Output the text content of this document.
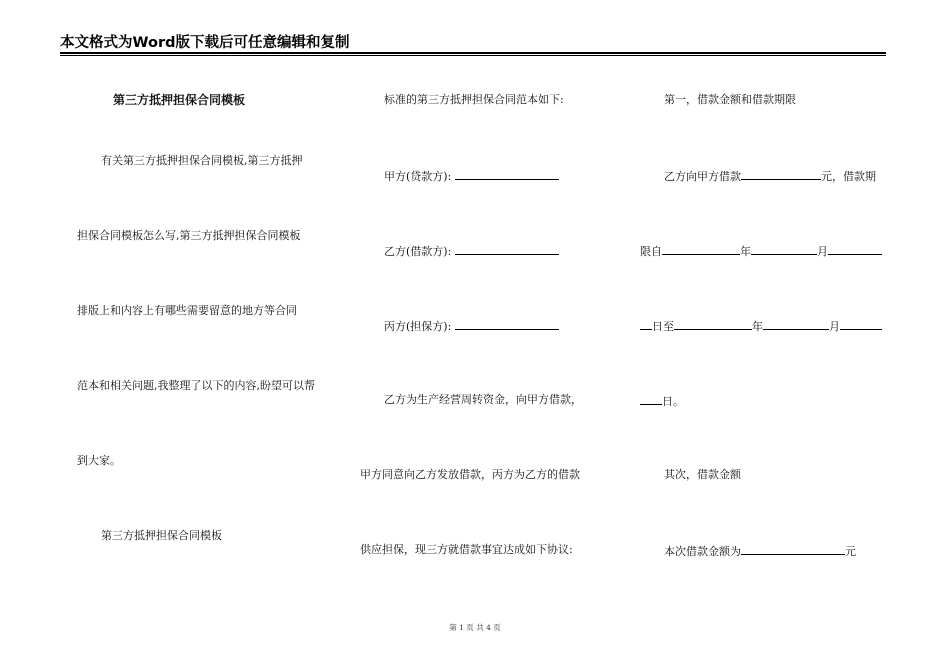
本文格式为Word版下载后可任意编辑和复制
第三方抵押担保合同模板
有关第三方抵押担保合同模板,第三方抵押
担保合同模板怎么写,第三方抵押担保合同模板
排版上和内容上有哪些需要留意的地方等合同
范本和相关问题,我整理了以下的内容,盼望可以帮
到大家。
第三方抵押担保合同模板
标准的第三方抵押担保合同范本如下:
甲方(贷款方):
乙方(借款方):
丙方(担保方):
乙方为生产经营周转资金，向甲方借款，
甲方同意向乙方发放借款，丙方为乙方的借款
供应担保，现三方就借款事宜达成如下协议:
第一，借款金额和借款期限
乙方向甲方借款	元，借款期
限自	年	月
日至	年	月
日。
其次，借款金额
本次借款金额为	元
第 1 页 共 4 页
